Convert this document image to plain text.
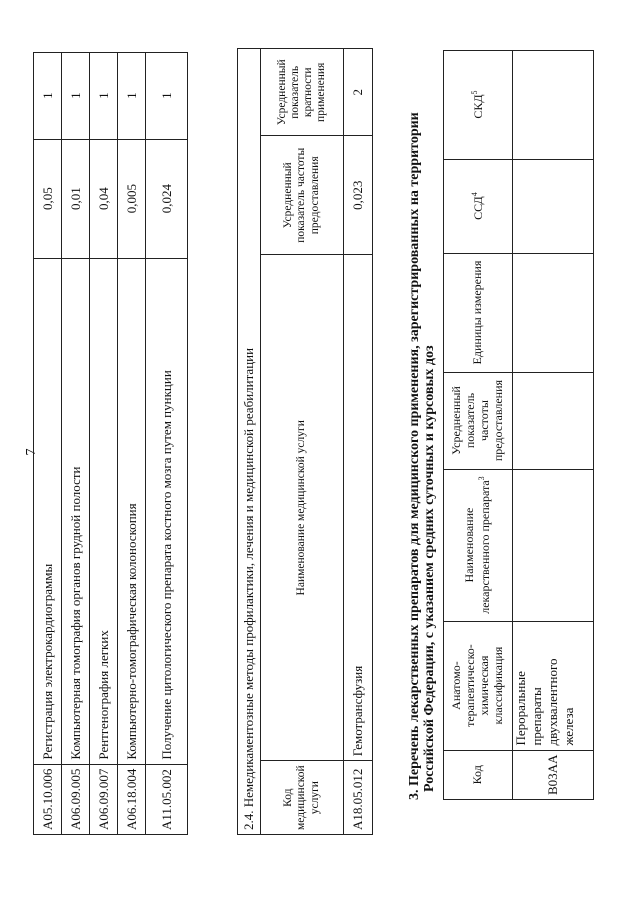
7
A05.10.006	Регистрация электрокардиограммы	0,05	1
A06.09.005	Компьютерная томография органов грудной полости	0,01	1
A06.09.007	Рентгенография легких	0,04	1
A06.18.004	Компьютерно-томографическая колоноскопия	0,005	1
A11.05.002	Получение цитологического препарата костного мозга путем пункции	0,024	1
2.4. Немедикаментозные методы профилактики, лечения и медицинской реабилитации			
Код медицинской услуги	Наименование медицинской услуги	Усредненный показатель частоты предоставления	Усредненный показатель кратности применения
A18.05.012	Гемотрансфузия	0,023	2
3. Перечень лекарственных препаратов для медицинского применения, зарегистрированных на территории Российской Федерации, с указанием средних суточных и курсовых доз	Код	Анатомо-терапевтическо-химическая классификация	Наименование лекарственного препарата$^3$	Усредненный показатель частоты предоставления	Единицы измерения	ССД$^4$	СКД$^5$
B03AA	Пероральные препараты двухвалентного железа					
